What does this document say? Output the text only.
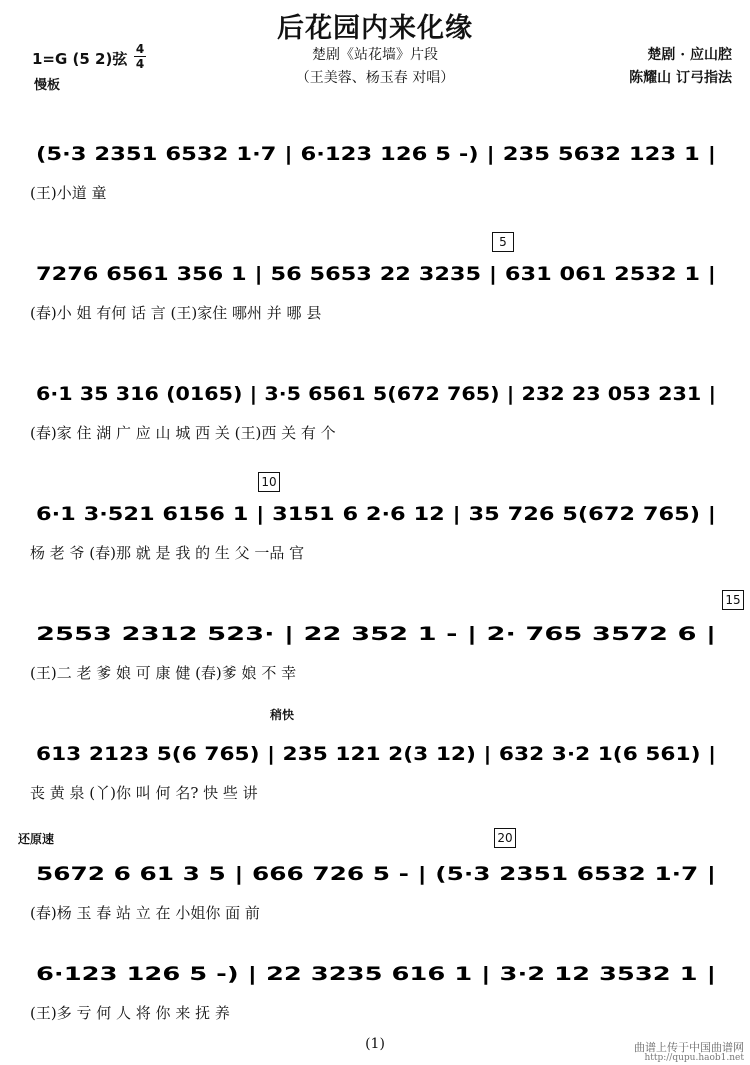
后花园内来化缘
1=G (5 2)弦
4
4
慢板
楚剧《站花墙》片段
（王美蓉、杨玉春 对唱）
楚剧 · 应山腔
陈耀山 订弓指法
(5·3 2351 6532 1·7 | 6·123 126 5 -) | 235 5632 123 1 |
(王)小道 童
5
7276 6561 356 1 | 56 5653 22 3235 | 631 061 2532 1 |
(春)小 姐 有何 话 言 (王)家住 哪州 并 哪 县
6·1 35 316 (0165) | 3·5 6561 5(672 765) | 232 23 053 231 |
(春)家 住 湖 广 应 山 城 西 关 (王)西 关 有 个
10
6·1 3·521 6156 1 | 3151 6 2·6 12 | 35 726 5(672 765) |
杨 老 爷 (春)那 就 是 我 的 生 父 一品 官
15
2553 2312 523· | 22 352 1 - | 2· 765 3572 6 |
(王)二 老 爹 娘 可 康 健 (春)爹 娘 不 幸
稍快
613 2123 5(6 765) | 235 121 2(3 12) | 632 3·2 1(6 561) |
丧 黄 泉 (丫)你 叫 何 名? 快 些 讲
还原速	20
5672 6 61 3 5 | 666 726 5 - | (5·3 2351 6532 1·7 |
(春)杨 玉 春 站 立 在 小姐你 面 前
6·123 126 5 -) | 22 3235 616 1 | 3·2 12 3532 1 |
(王)多 亏 何 人 将 你 来 抚 养
(1)	曲谱上传于中国曲谱网
http://qupu.haob1.net
